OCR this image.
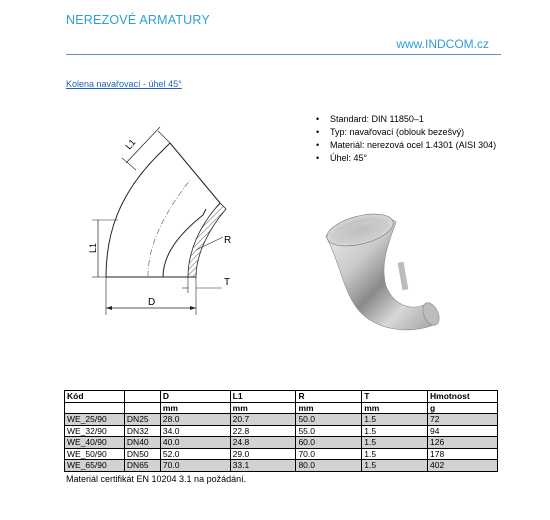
NEREZOVÉ ARMATURY
www.INDCOM.cz
Kolena navařovací - úhel 45°
• Standard: DIN 11850–1
• Typ: navařovací (oblouk bezešvý)
• Materiál: nerezová ocel 1.4301 (AISI 304)
• Úhel: 45°
L1
L1
R
T
D
Kód		D	L1	R	T	Hmotnost
		mm	mm	mm	mm	g
WE_25/90	DN25	28.0	20.7	50.0	1.5	72
WE_32/90	DN32	34.0	22.8	55.0	1.5	94
WE_40/90	DN40	40.0	24.8	60.0	1.5	126
WE_50/90	DN50	52.0	29.0	70.0	1.5	178
WE_65/90	DN65	70.0	33.1	80.0	1.5	402
Materiál certifikát EN 10204 3.1 na požádání.
